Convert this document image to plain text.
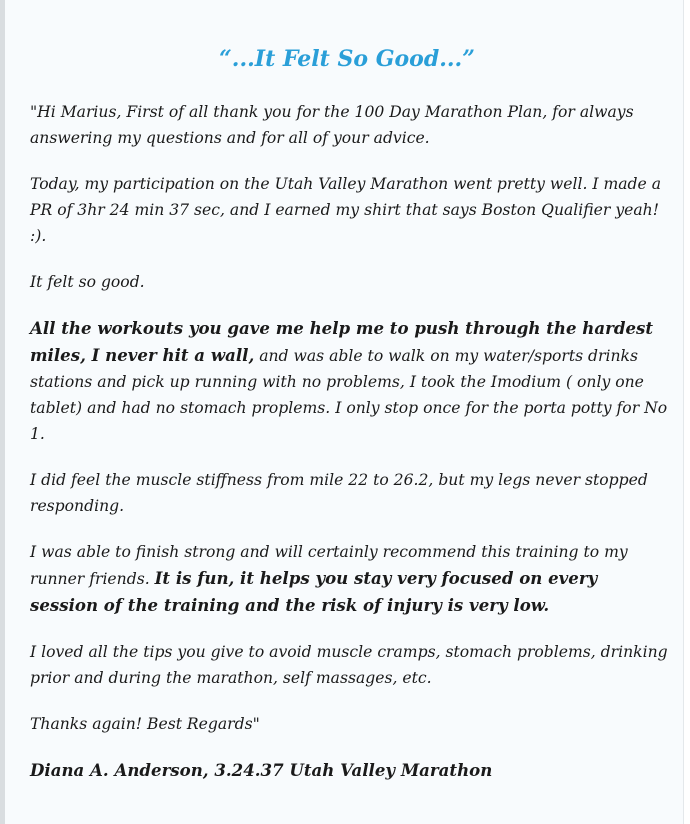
“...It Felt So Good...”

"Hi Marius, First of all thank you for the 100 Day Marathon Plan, for always answering my questions and for all of your advice.

Today, my participation on the Utah Valley Marathon went pretty well. I made a PR of 3hr 24 min 37 sec, and I earned my shirt that says Boston Qualifier yeah! :).

It felt so good.

All the workouts you gave me help me to push through the hardest miles, I never hit a wall, and was able to walk on my water/sports drinks stations and pick up running with no problems, I took the Imodium ( only one tablet) and had no stomach proplems. I only stop once for the porta potty for No 1.

I did feel the muscle stiffness from mile 22 to 26.2, but my legs never stopped responding.

I was able to finish strong and will certainly recommend this training to my runner friends. It is fun, it helps you stay very focused on every session of the training and the risk of injury is very low.

I loved all the tips you give to avoid muscle cramps, stomach problems, drinking prior and during the marathon, self massages, etc.

Thanks again! Best Regards"

Diana A. Anderson, 3.24.37 Utah Valley Marathon
